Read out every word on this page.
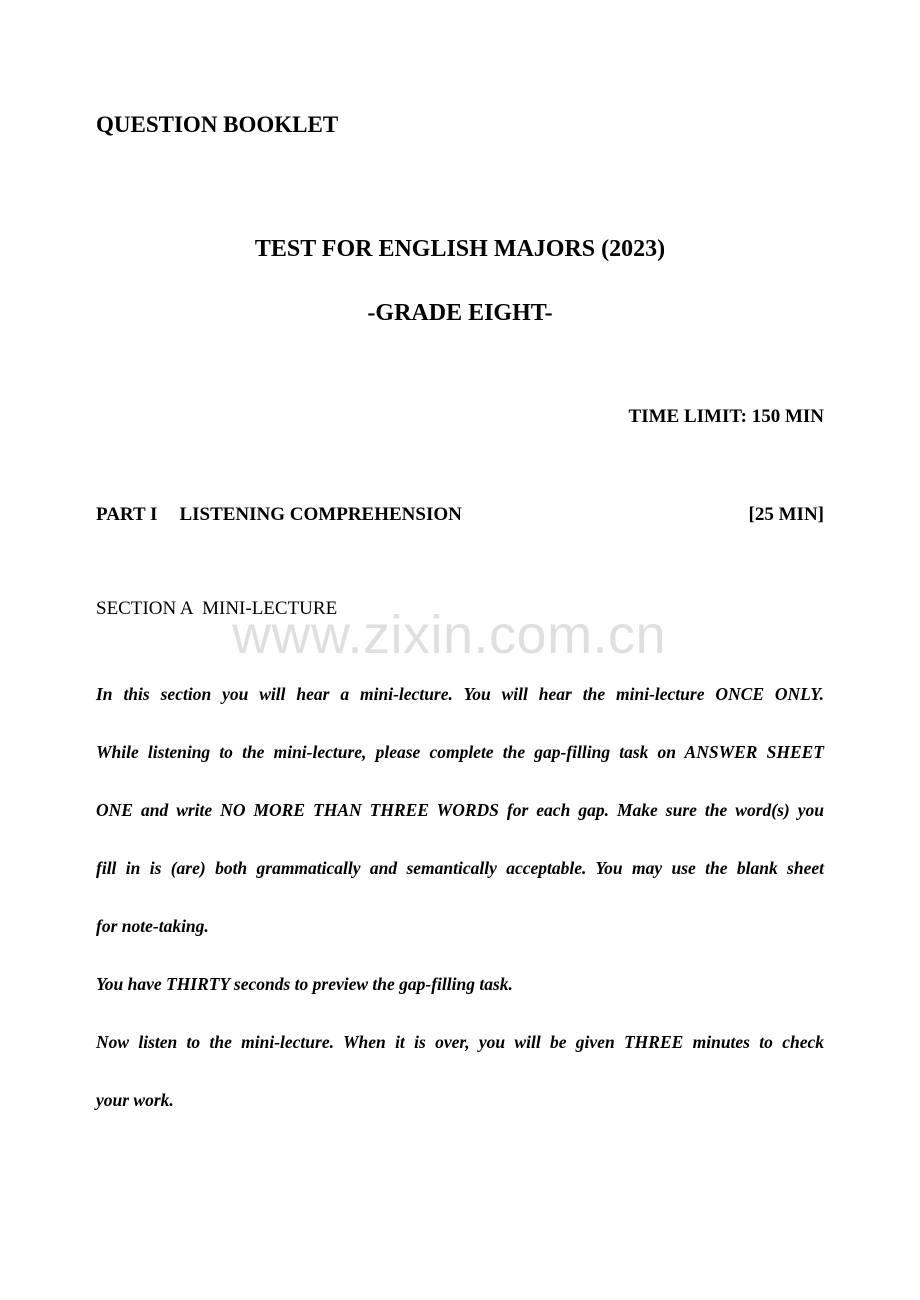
QUESTION BOOKLET
TEST FOR ENGLISH MAJORS (2023)
-GRADE EIGHT-
TIME LIMIT: 150 MIN
PART I LISTENING COMPREHENSION	[25 MIN]
SECTION A  MINI-LECTURE
www.zixin.com.cn

In this section you will hear a mini-lecture. You will hear the mini-lecture ONCE ONLY.

While listening to the mini-lecture, please complete the gap-filling task on ANSWER SHEET

ONE and write NO MORE THAN THREE WORDS for each gap. Make sure the word(s) you

fill in is (are) both grammatically and semantically acceptable. You may use the blank sheet

for note-taking.

You have THIRTY seconds to preview the gap-filling task.

Now listen to the mini-lecture. When it is over, you will be given THREE minutes to check

your work.
